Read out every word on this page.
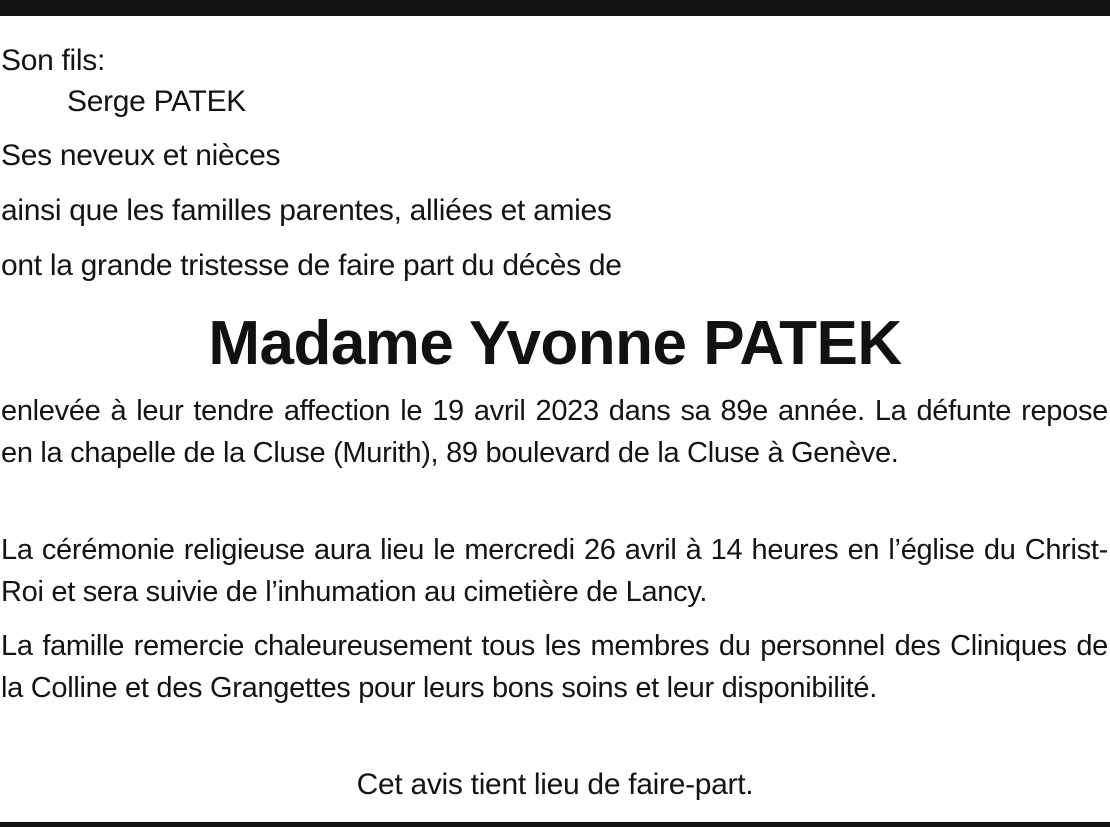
Son fils:
Serge PATEK
Ses neveux et nièces
ainsi que les familles parentes, alliées et amies
ont la grande tristesse de faire part du décès de
Madame Yvonne PATEK
enlevée à leur tendre affection le 19 avril 2023 dans sa 89e année. La défunte repose en la chapelle de la Cluse (Murith), 89 boulevard de la Cluse à Genève.
La cérémonie religieuse aura lieu le mercredi 26 avril à 14 heures en l’église du Christ-Roi et sera suivie de l’inhumation au cimetière de Lancy.
La famille remercie chaleureusement tous les membres du personnel des Cliniques de la Colline et des Grangettes pour leurs bons soins et leur disponibilité.
Cet avis tient lieu de faire-part.
